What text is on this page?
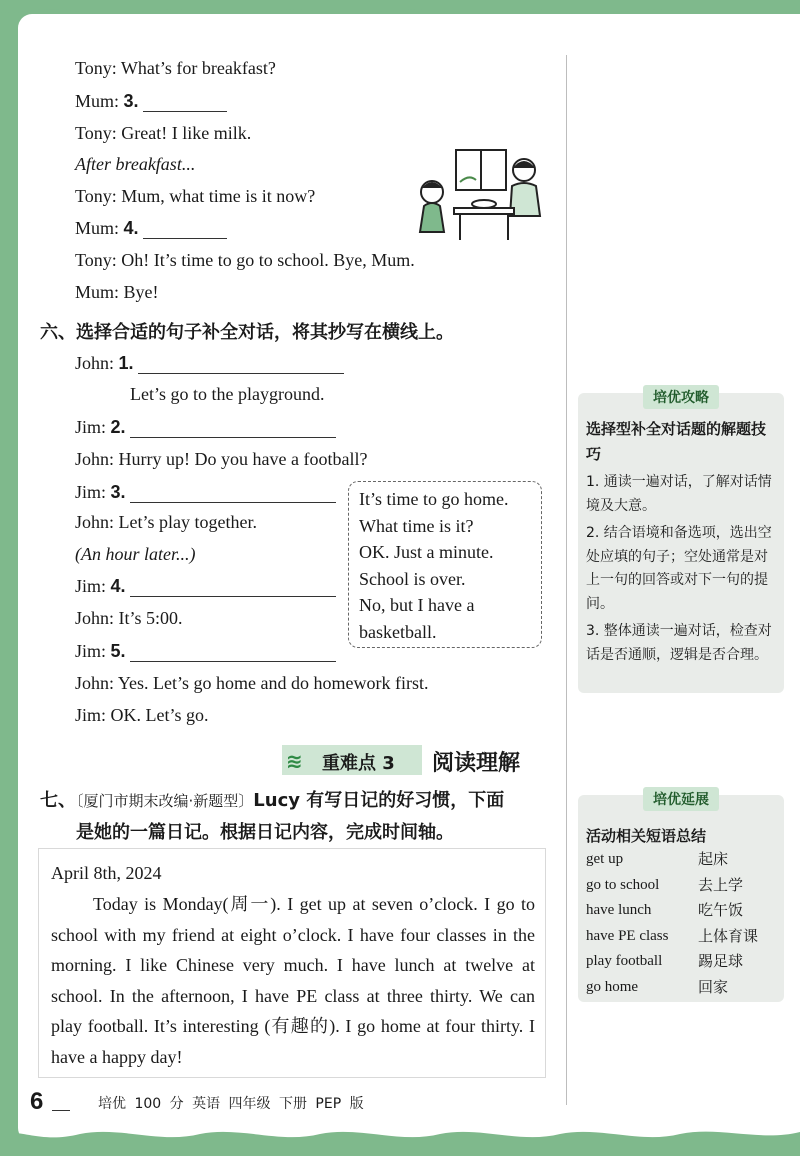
Tony: What’s for breakfast?
Mum: 3.
Tony: Great! I like milk.
After breakfast...
Tony: Mum, what time is it now?
Mum: 4.
Tony: Oh! It’s time to go to school. Bye, Mum.
Mum: Bye!
六、选择合适的句子补全对话，将其抄写在横线上。
John: 1.
Let’s go to the playground.
Jim: 2.
John: Hurry up! Do you have a football?
Jim: 3.
John: Let’s play together.
(An hour later...)
Jim: 4.
John: It’s 5:00.
Jim: 5.
John: Yes. Let’s go home and do homework first.
Jim: OK. Let’s go.
It’s time to go home.
What time is it?
OK. Just a minute.
School is over.
No, but I have a
basketball.
≋ 重难点 3 阅读理解
七、〔厦门市期末改编·新题型〕Lucy 有写日记的好习惯，下面
是她的一篇日记。根据日记内容，完成时间轴。
April 8th, 2024

Today is Monday(周一). I get up at seven o’clock. I go to school with my friend at eight o’clock. I have four classes in the morning. I like Chinese very much. I have lunch at twelve at school. In the afternoon, I have PE class at three thirty. We can play football. It’s interesting (有趣的). I go home at four thirty. I have a happy day!

培优攻略
选择型补全对话题的解题技巧
1. 通读一遍对话，了解对话情境及大意。
2. 结合语境和备选项，选出空处应填的句子；空处通常是对上一句的回答或对下一句的提问。
3. 整体通读一遍对话，检查对话是否通顺，逻辑是否合理。
培优延展
活动相关短语总结
get up	起床
go to school	去上学
have lunch	吃午饭
have PE class	上体育课
play football	踢足球
go home	回家
6	培优 100 分 英语 四年级 下册 PEP 版
